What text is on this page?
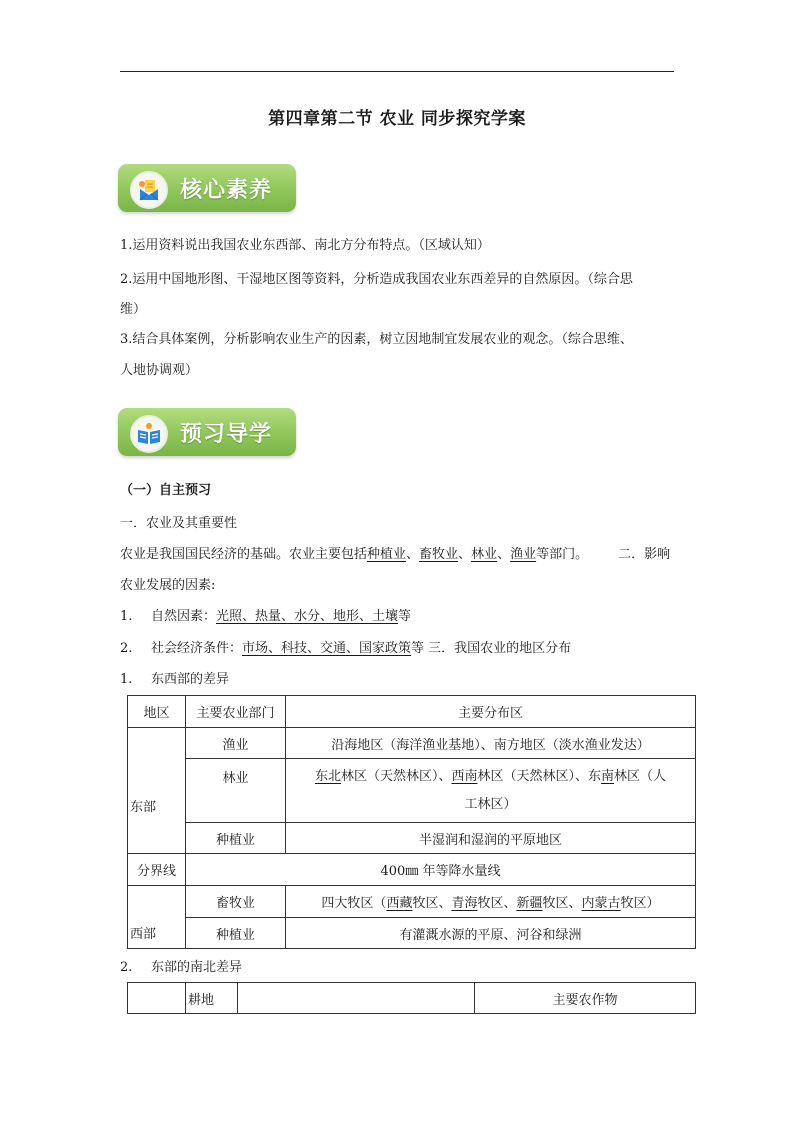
第四章第二节 农业 同步探究学案
核心素养
1.运用资料说出我国农业东西部、南北方分布特点。（区域认知）
2.运用中国地形图、干湿地区图等资料，分析造成我国农业东西差异的自然原因。（综合思
维）
3.结合具体案例，分析影响农业生产的因素，树立因地制宜发展农业的观念。（综合思维、
人地协调观）
预习导学
（一）自主预习
一．农业及其重要性
农业是我国国民经济的基础。农业主要包括种植业、畜牧业、林业、渔业等部门。 二．影响
农业发展的因素:
1. 自然因素：光照、热量、水分、地形、土壤等
2. 社会经济条件：市场、科技、交通、国家政策等 三．我国农业的地区分布
1. 东西部的差异
地区	主要农业部门	主要分布区
东部	渔业	沿海地区（海洋渔业基地）、南方地区（淡水渔业发达）
	林业	东北林区（天然林区）、西南林区（天然林区）、东南林区（人
工林区）
	种植业	半湿润和湿润的平原地区
分界线	400㎜ 年等降水量线	
西部	畜牧业	四大牧区（西藏牧区、青海牧区、新疆牧区、内蒙古牧区）
	种植业	有灌溉水源的平原、河谷和绿洲
2. 东部的南北差异
	耕地		主要农作物
